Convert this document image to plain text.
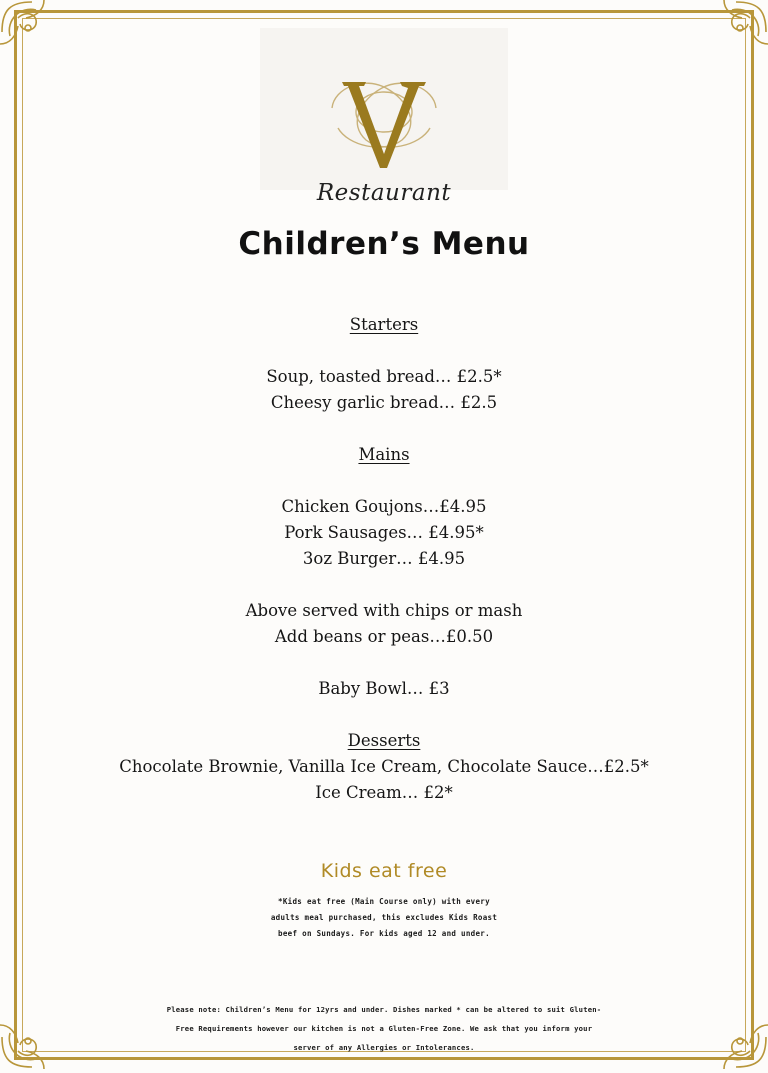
Restaurant
Children’s Menu
Starters
Soup, toasted bread… £2.5*
Cheesy garlic bread… £2.5
Mains
Chicken Goujons…£4.95
Pork Sausages… £4.95*
3oz Burger… £4.95
Above served with chips or mash
Add beans or peas…£0.50
Baby Bowl… £3
Desserts
Chocolate Brownie, Vanilla Ice Cream, Chocolate Sauce…£2.5*
Ice Cream… £2*
Kids eat free
*Kids eat free (Main Course only) with every
adults meal purchased, this excludes Kids Roast
beef on Sundays. For kids aged 12 and under.
Please note: Children’s Menu for 12yrs and under. Dishes marked * can be altered to suit Gluten-
Free Requirements however our kitchen is not a Gluten-Free Zone. We ask that you inform your
server of any Allergies or Intolerances.
